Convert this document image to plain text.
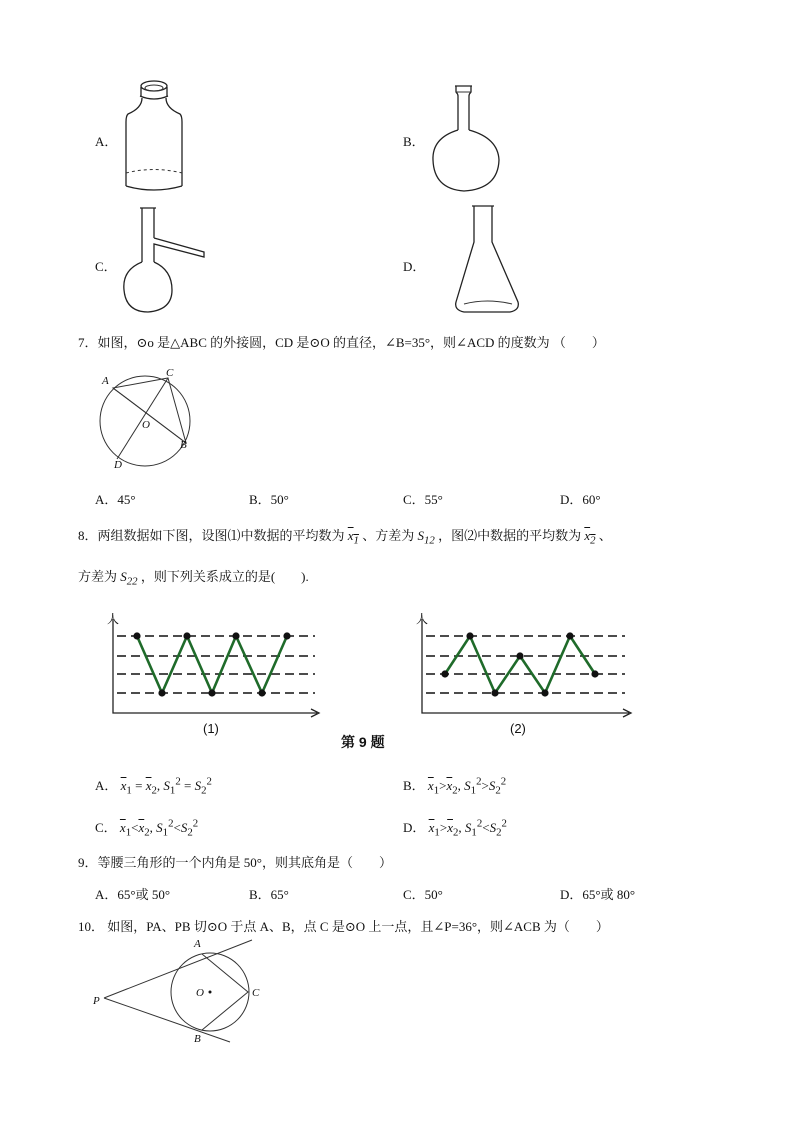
A．	B．
C．	D．
7．如图，⊙o 是△ABC 的外接圆，CD 是⊙O 的直径，∠B=35°，则∠ACD 的度数为 （　　）
A
C
O
B
D
A．45°	B．50°	C．55°	D．60°
8．两组数据如下图，设图⑴中数据的平均数为 $x_1$ 、方差为 $S_{12}$ ，图⑵中数据的平均数为 $x_2$ 、
方差为 $S_{22}$ ，则下列关系成立的是(　　).
人
(1)
人
(2)
第 9 题
A． $\overline{x}_1 = \overline{x}_2$, $S_1^2 = S_2^2$	B． $\overline{x}_1>\overline{x}_2$, $S_1^2>S_2^2$
C． $\overline{x}_1<\overline{x}_2$, $S_1^2<S_2^2$	D． $\overline{x}_1>\overline{x}_2$, $S_1^2<S_2^2$
9．等腰三角形的一个内角是 50°，则其底角是（　　）
A．65°或 50°	B．65°	C．50°	D．65°或 80°
10． 如图，PA、PB 切⊙O 于点 A、B，点 C 是⊙O 上一点，且∠P=36°，则∠ACB 为（　　）
A
B
C
O
P
